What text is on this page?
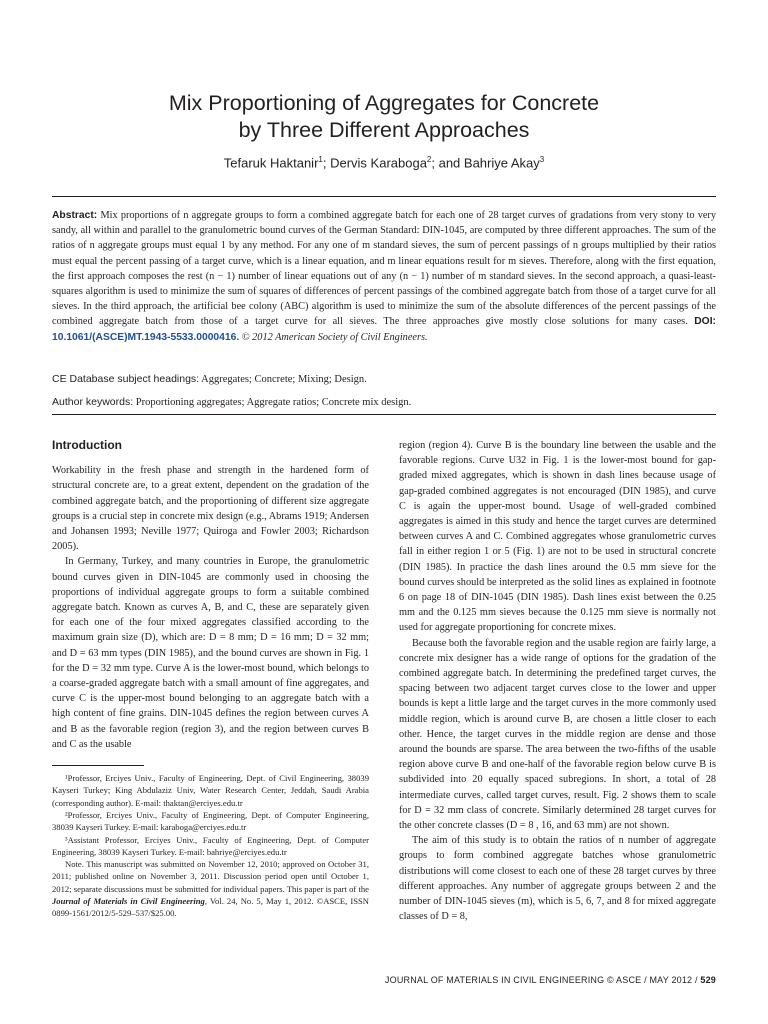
Mix Proportioning of Aggregates for Concrete
by Three Different Approaches
Tefaruk Haktanir$^1$; Dervis Karaboga$^2$; and Bahriye Akay$^3$
Abstract: Mix proportions of n aggregate groups to form a combined aggregate batch for each one of 28 target curves of gradations from very stony to very sandy, all within and parallel to the granulometric bound curves of the German Standard: DIN-1045, are computed by three different approaches. The sum of the ratios of n aggregate groups must equal 1 by any method. For any one of m standard sieves, the sum of percent passings of n groups multiplied by their ratios must equal the percent passing of a target curve, which is a linear equation, and m linear equations result for m sieves. Therefore, along with the first equation, the first approach composes the rest (n − 1) number of linear equations out of any (n − 1) number of m standard sieves. In the second approach, a quasi-least-squares algorithm is used to minimize the sum of squares of differences of percent passings of the combined aggregate batch from those of a target curve for all sieves. In the third approach, the artificial bee colony (ABC) algorithm is used to minimize the sum of the absolute differences of the percent passings of the combined aggregate batch from those of a target curve for all sieves. The three approaches give mostly close solutions for many cases. DOI: 10.1061/(ASCE)MT.1943-5533.0000416. © 2012 American Society of Civil Engineers.
CE Database subject headings: Aggregates; Concrete; Mixing; Design.
Author keywords: Proportioning aggregates; Aggregate ratios; Concrete mix design.
Introduction

Workability in the fresh phase and strength in the hardened form of structural concrete are, to a great extent, dependent on the gradation of the combined aggregate batch, and the proportioning of different size aggregate groups is a crucial step in concrete mix design (e.g., Abrams 1919; Andersen and Johansen 1993; Neville 1977; Quiroga and Fowler 2003; Richardson 2005).

In Germany, Turkey, and many countries in Europe, the granulometric bound curves given in DIN-1045 are commonly used in choosing the proportions of individual aggregate groups to form a suitable combined aggregate batch. Known as curves A, B, and C, these are separately given for each one of the four mixed aggregates classified according to the maximum grain size (D), which are: D = 8 mm; D = 16 mm; D = 32 mm; and D = 63 mm types (DIN 1985), and the bound curves are shown in Fig. 1 for the D = 32 mm type. Curve A is the lower-most bound, which belongs to a coarse-graded aggregate batch with a small amount of fine aggregates, and curve C is the upper-most bound belonging to an aggregate batch with a high content of fine grains. DIN-1045 defines the region between curves A and B as the favorable region (region 3), and the region between curves B and C as the usable

¹Professor, Erciyes Univ., Faculty of Engineering, Dept. of Civil Engineering, 38039 Kayseri Turkey; King Abdulaziz Univ, Water Research Center, Jeddah, Saudi Arabia (corresponding author). E-mail: thaktan@erciyes.edu.tr

²Professor, Erciyes Univ., Faculty of Engineering, Dept. of Computer Engineering, 38039 Kayseri Turkey. E-mail: karaboga@erciyes.edu.tr

³Assistant Professor, Erciyes Univ., Faculty of Engineering, Dept. of Computer Engineering, 38039 Kayseri Turkey. E-mail: bahriye@erciyes.edu.tr

Note. This manuscript was submitted on November 12, 2010; approved on October 31, 2011; published online on November 3, 2011. Discussion period open until October 1, 2012; separate discussions must be submitted for individual papers. This paper is part of the Journal of Materials in Civil Engineering, Vol. 24, No. 5, May 1, 2012. ©ASCE, ISSN 0899-1561/2012/5-529–537/$25.00.

region (region 4). Curve B is the boundary line between the usable and the favorable regions. Curve U32 in Fig. 1 is the lower-most bound for gap-graded mixed aggregates, which is shown in dash lines because usage of gap-graded combined aggregates is not encouraged (DIN 1985), and curve C is again the upper-most bound. Usage of well-graded combined aggregates is aimed in this study and hence the target curves are determined between curves A and C. Combined aggregates whose granulometric curves fall in either region 1 or 5 (Fig. 1) are not to be used in structural concrete (DIN 1985). In practice the dash lines around the 0.5 mm sieve for the bound curves should be interpreted as the solid lines as explained in footnote 6 on page 18 of DIN-1045 (DIN 1985). Dash lines exist between the 0.25 mm and the 0.125 mm sieves because the 0.125 mm sieve is normally not used for aggregate proportioning for concrete mixes.

Because both the favorable region and the usable region are fairly large, a concrete mix designer has a wide range of options for the gradation of the combined aggregate batch. In determining the predefined target curves, the spacing between two adjacent target curves close to the lower and upper bounds is kept a little large and the target curves in the more commonly used middle region, which is around curve B, are chosen a little closer to each other. Hence, the target curves in the middle region are dense and those around the bounds are sparse. The area between the two-fifths of the usable region above curve B and one-half of the favorable region below curve B is subdivided into 20 equally spaced subregions. In short, a total of 28 intermediate curves, called target curves, result. Fig. 2 shows them to scale for D = 32 mm class of concrete. Similarly determined 28 target curves for the other concrete classes (D = 8 , 16, and 63 mm) are not shown.

The aim of this study is to obtain the ratios of n number of aggregate groups to form combined aggregate batches whose granulometric distributions will come closest to each one of these 28 target curves by three different approaches. Any number of aggregate groups between 2 and the number of DIN-1045 sieves (m), which is 5, 6, 7, and 8 for mixed aggregate classes of D = 8,

JOURNAL OF MATERIALS IN CIVIL ENGINEERING © ASCE / MAY 2012 / 529
